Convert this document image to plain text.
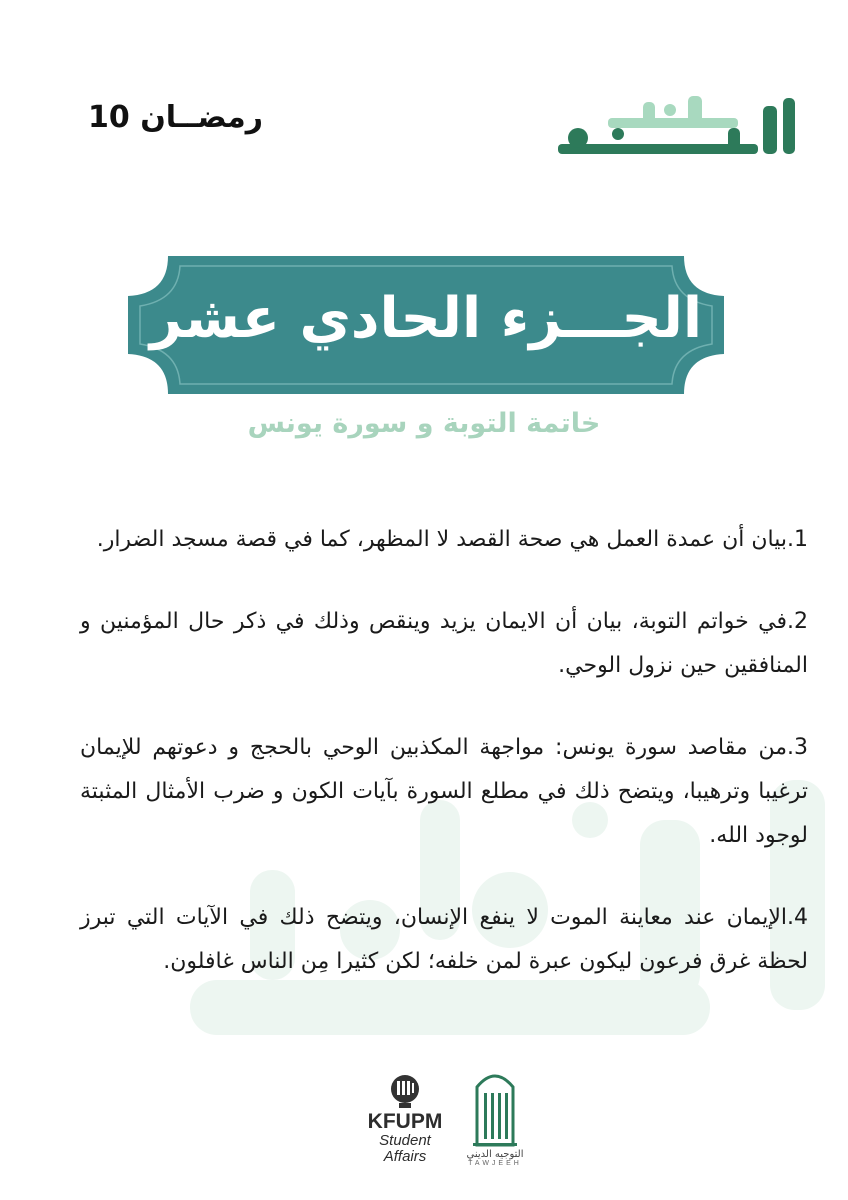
رمضــان 10
الجـــزء الحادي عشر
خاتمة التوبة و سورة يونس

1.بيان أن عمدة العمل هي صحة القصد لا المظهر، كما في قصة مسجد الضرار.

2.في خواتم التوبة، بيان أن الايمان يزيد وينقص وذلك في ذكر حال المؤمنين و المنافقين حين نزول الوحي.

3.من مقاصد سورة يونس: مواجهة المكذبين الوحي بالحجج و دعوتهم للإيمان ترغيبا وترهيبا، ويتضح ذلك في مطلع السورة بآيات الكون و ضرب الأمثال المثبتة لوجود الله.

4.الإيمان عند معاينة الموت لا ينفع الإنسان، ويتضح ذلك في الآيات التي تبرز لحظة غرق فرعون ليكون عبرة لمن خلفه؛ لكن كثيرا مِن الناس غافلون.

KFUPM
Student
Affairs	التوجيه الديني
TAWJEEH
